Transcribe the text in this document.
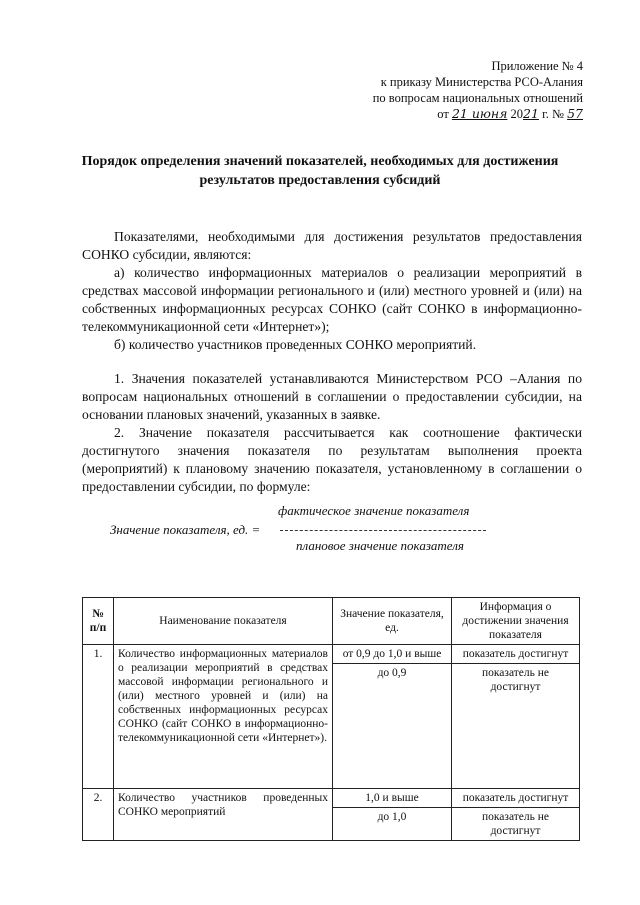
Приложение № 4
к приказу Министерства РСО-Алания
по вопросам национальных отношений
от 21 июня 2021 г. № 57
Порядок определения значений показателей, необходимых для достижения результатов предоставления субсидий

Показателями, необходимыми для достижения результатов предоставления СОНКО субсидии, являются:

а) количество информационных материалов о реализации мероприятий в средствах массовой информации регионального и (или) местного уровней и (или) на собственных информационных ресурсах СОНКО (сайт СОНКО в информационно-телекоммуникационной сети «Интернет»);

б) количество участников проведенных СОНКО мероприятий.

1. Значения показателей устанавливаются Министерством РСО –Алания по вопросам национальных отношений в соглашении о предоставлении субсидии, на основании плановых значений, указанных в заявке.

2. Значение показателя рассчитывается как соотношение фактически достигнутого значения показателя по результатам выполнения проекта (мероприятий) к плановому значению показателя, установленному в соглашении о предоставлении субсидии, по формуле:

фактическое значение показателя
Значение показателя, ед. =
плановое значение показателя
№ п/п	Наименование показателя	Значение показателя, ед.	Информация о достижении значения показателя
1.	Количество информационных материалов о реализации мероприятий в средствах массовой информации регионального и (или) местного уровней и (или) на собственных информационных ресурсах СОНКО (сайт СОНКО в информационно-телекоммуникационной сети «Интернет»).	от 0,9 до 1,0 и выше	показатель достигнут
		до 0,9	показатель не достигнут
2.	Количество участников проведенных СОНКО мероприятий	1,0 и выше	показатель достигнут
		до 1,0	показатель не достигнут
